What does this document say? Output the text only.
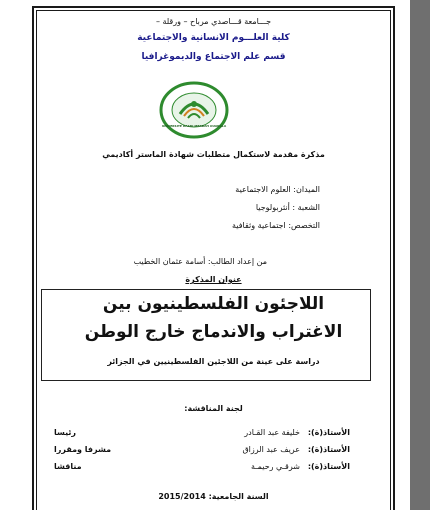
جـــامعة قـــاصدي مرباح – ورقلة –
كلية العلـــوم الانسانية والاجتماعية
قسم علم الاجتماع والديموغرافيا
UNIVERSITE KASDI MERBAH OUARGLA
مذكرة مقدمة لاستكمال متطلبات شهادة الماستر أكاديمي
الميدان: العلوم الاجتماعية
الشعبة : أنثربولوجيا
التخصص: اجتماعية وثقافية
من إعداد الطالب: أسامة عثمان الخطيب
عنوان المذكرة
اللاجئون الفلسطينيون بين
الاغتراب والاندماج خارج الوطن
دراسة على عينة من اللاجئين الفلسطينيين في الجزائر
لجنة المناقشة:
الأستاذ(ة):
خليفة عبد القـادر
رئيسا
الأستاذ(ة):
عريف عبد الرزاق
مشرفا ومقررا
الأستاذ(ة):
شرقـي رحيمـة
مناقشا
السنة الجامعية: 2015/2014
